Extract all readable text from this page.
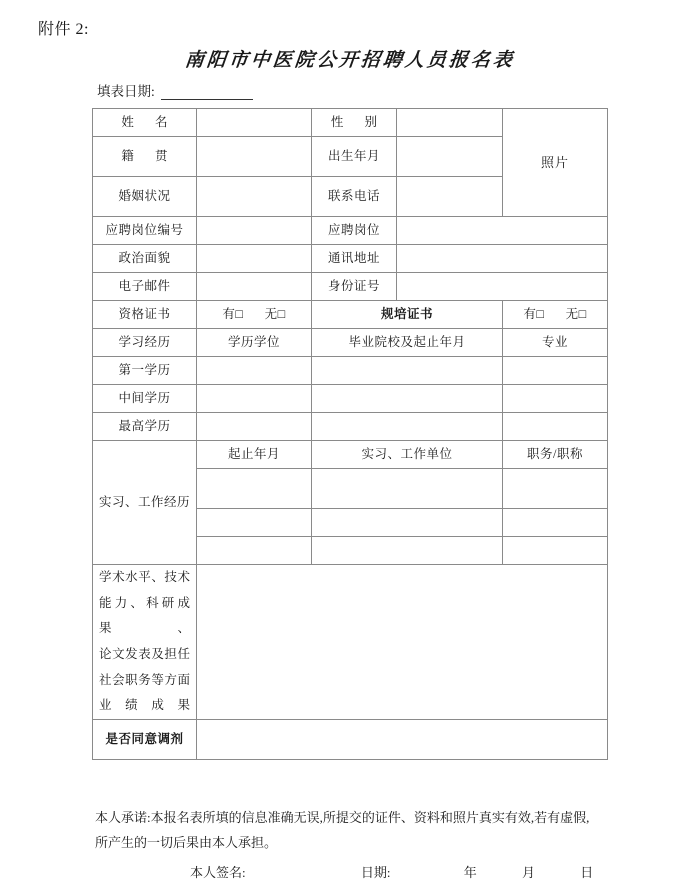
附件 2:
南阳市中医院公开招聘人员报名表
填表日期:
姓 名		性 别		照片
籍 贯		出生年月		
婚姻状况		联系电话		
应聘岗位编号		应聘岗位		
政治面貌		通讯地址		
电子邮件		身份证号		
资格证书	有□ 无□	规培证书		有□ 无□
学习经历	学历学位	毕业院校及起止年月		专业
第一学历				
中间学历				
最高学历				
实习、工作经历	起止年月	实习、工作单位		职务/职称

学术水平、技术
能力、科研成果、
论文发表及担任
社会职务等方面
业绩成果				

是否同意调剂				
本人承诺:本报名表所填的信息准确无误,所提交的证件、资料和照片真实有效,若有虚假,
所产生的一切后果由本人承担。
本人签名:	日期:	年	月	日
